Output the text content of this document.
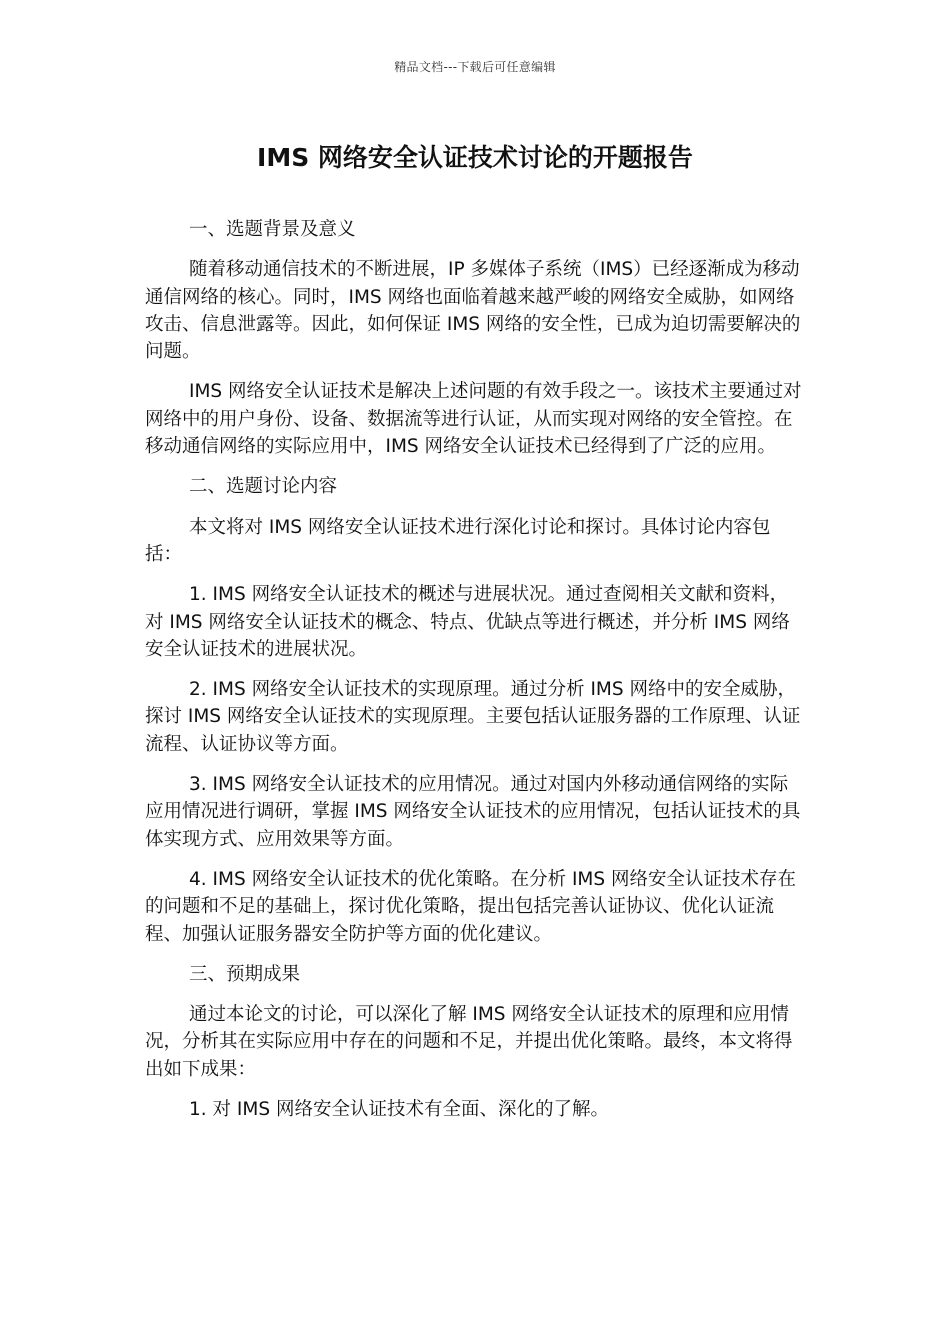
精品文档---下载后可任意编辑
IMS 网络安全认证技术讨论的开题报告

一、选题背景及意义

随着移动通信技术的不断进展，IP 多媒体子系统（IMS）已经逐渐成为移动通信网络的核心。同时，IMS 网络也面临着越来越严峻的网络安全威胁，如网络攻击、信息泄露等。因此，如何保证 IMS 网络的安全性，已成为迫切需要解决的问题。

IMS 网络安全认证技术是解决上述问题的有效手段之一。该技术主要通过对网络中的用户身份、设备、数据流等进行认证，从而实现对网络的安全管控。在移动通信网络的实际应用中，IMS 网络安全认证技术已经得到了广泛的应用。

二、选题讨论内容

本文将对 IMS 网络安全认证技术进行深化讨论和探讨。具体讨论内容包括：

1. IMS 网络安全认证技术的概述与进展状况。通过查阅相关文献和资料，对 IMS 网络安全认证技术的概念、特点、优缺点等进行概述，并分析 IMS 网络安全认证技术的进展状况。

2. IMS 网络安全认证技术的实现原理。通过分析 IMS 网络中的安全威胁，探讨 IMS 网络安全认证技术的实现原理。主要包括认证服务器的工作原理、认证流程、认证协议等方面。

3. IMS 网络安全认证技术的应用情况。通过对国内外移动通信网络的实际应用情况进行调研，掌握 IMS 网络安全认证技术的应用情况，包括认证技术的具体实现方式、应用效果等方面。

4. IMS 网络安全认证技术的优化策略。在分析 IMS 网络安全认证技术存在的问题和不足的基础上，探讨优化策略，提出包括完善认证协议、优化认证流程、加强认证服务器安全防护等方面的优化建议。

三、预期成果

通过本论文的讨论，可以深化了解 IMS 网络安全认证技术的原理和应用情况，分析其在实际应用中存在的问题和不足，并提出优化策略。最终，本文将得出如下成果：

1. 对 IMS 网络安全认证技术有全面、深化的了解。
